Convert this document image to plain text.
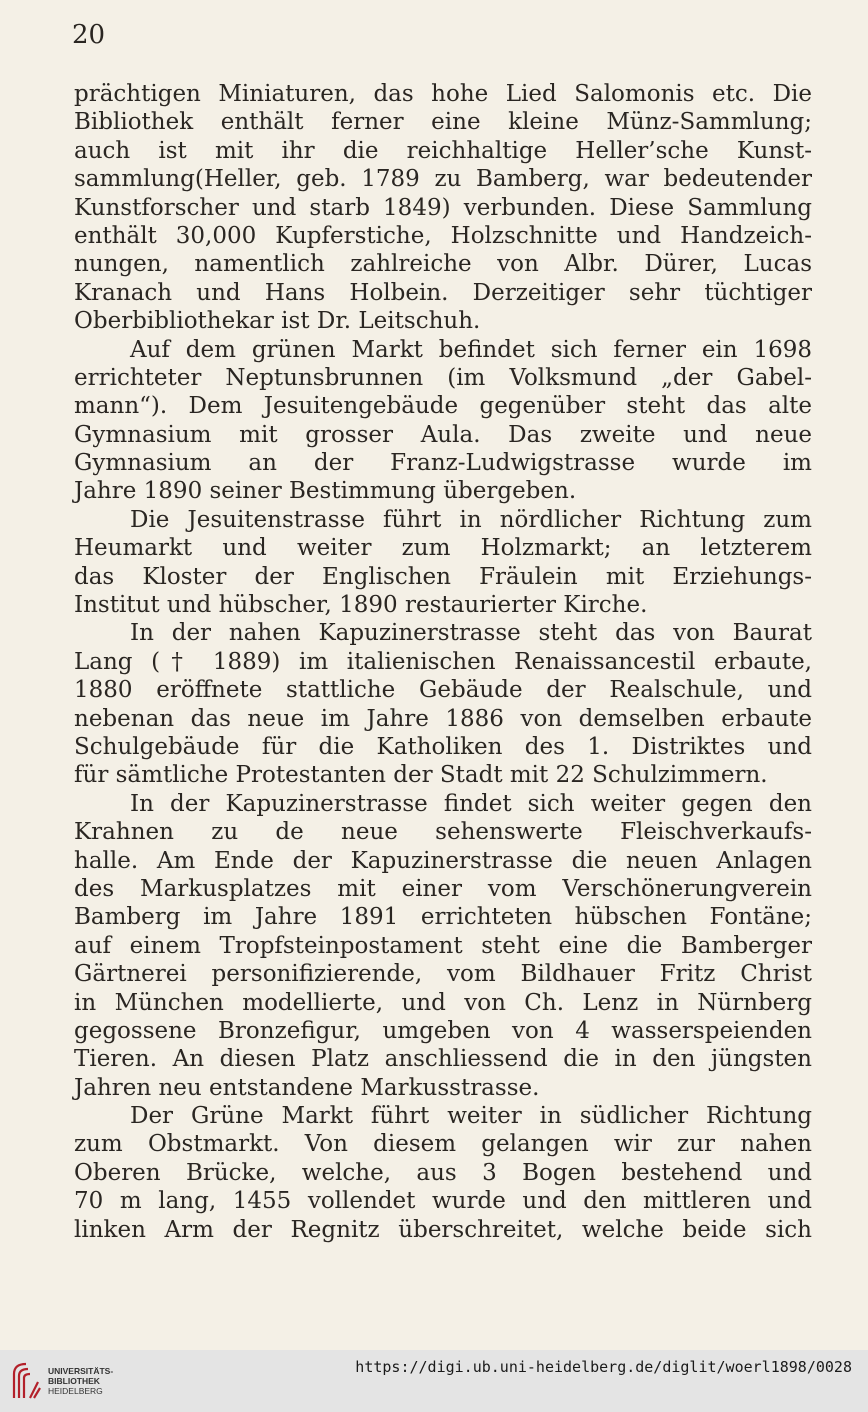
20
prächtigen Miniaturen, das hohe Lied Salomonis etc. Die
Bibliothek enthält ferner eine kleine Münz-Sammlung;
auch ist mit ihr die reichhaltige Heller’sche Kunst-
sammlung(Heller, geb. 1789 zu Bamberg, war bedeutender
Kunstforscher und starb 1849) verbunden. Diese Sammlung
enthält 30,000 Kupferstiche, Holzschnitte und Handzeich-
nungen, namentlich zahlreiche von Albr. Dürer, Lucas
Kranach und Hans Holbein. Derzeitiger sehr tüchtiger
Oberbibliothekar ist Dr. Leitschuh.
Auf dem grünen Markt befindet sich ferner ein 1698
errichteter Neptunsbrunnen (im Volksmund „der Gabel-
mann“). Dem Jesuitengebäude gegenüber steht das alte
Gymnasium mit grosser Aula. Das zweite und neue
Gymnasium an der Franz-Ludwigstrasse wurde im
Jahre 1890 seiner Bestimmung übergeben.
Die Jesuitenstrasse führt in nördlicher Richtung zum
Heumarkt und weiter zum Holzmarkt; an letzterem
das Kloster der Englischen Fräulein mit Erziehungs-
Institut und hübscher, 1890 restaurierter Kirche.
In der nahen Kapuzinerstrasse steht das von Baurat
Lang († 1889) im italienischen Renaissancestil erbaute,
1880 eröffnete stattliche Gebäude der Realschule, und
nebenan das neue im Jahre 1886 von demselben erbaute
Schulgebäude für die Katholiken des 1. Distriktes und
für sämtliche Protestanten der Stadt mit 22 Schulzimmern.
In der Kapuzinerstrasse findet sich weiter gegen den
Krahnen zu de neue sehenswerte Fleischverkaufs-
halle. Am Ende der Kapuzinerstrasse die neuen Anlagen
des Markusplatzes mit einer vom Verschönerungverein
Bamberg im Jahre 1891 errichteten hübschen Fontäne;
auf einem Tropfsteinpostament steht eine die Bamberger
Gärtnerei personifizierende, vom Bildhauer Fritz Christ
in München modellierte, und von Ch. Lenz in Nürnberg
gegossene Bronzefigur, umgeben von 4 wasserspeienden
Tieren. An diesen Platz anschliessend die in den jüngsten
Jahren neu entstandene Markusstrasse.
Der Grüne Markt führt weiter in südlicher Richtung
zum Obstmarkt. Von diesem gelangen wir zur nahen
Oberen Brücke, welche, aus 3 Bogen bestehend und
70 m lang, 1455 vollendet wurde und den mittleren und
linken Arm der Regnitz überschreitet, welche beide sich
UNIVERSITÄTS-
BIBLIOTHEK
HEIDELBERG
https://digi.ub.uni-heidelberg.de/diglit/woerl1898/0028
